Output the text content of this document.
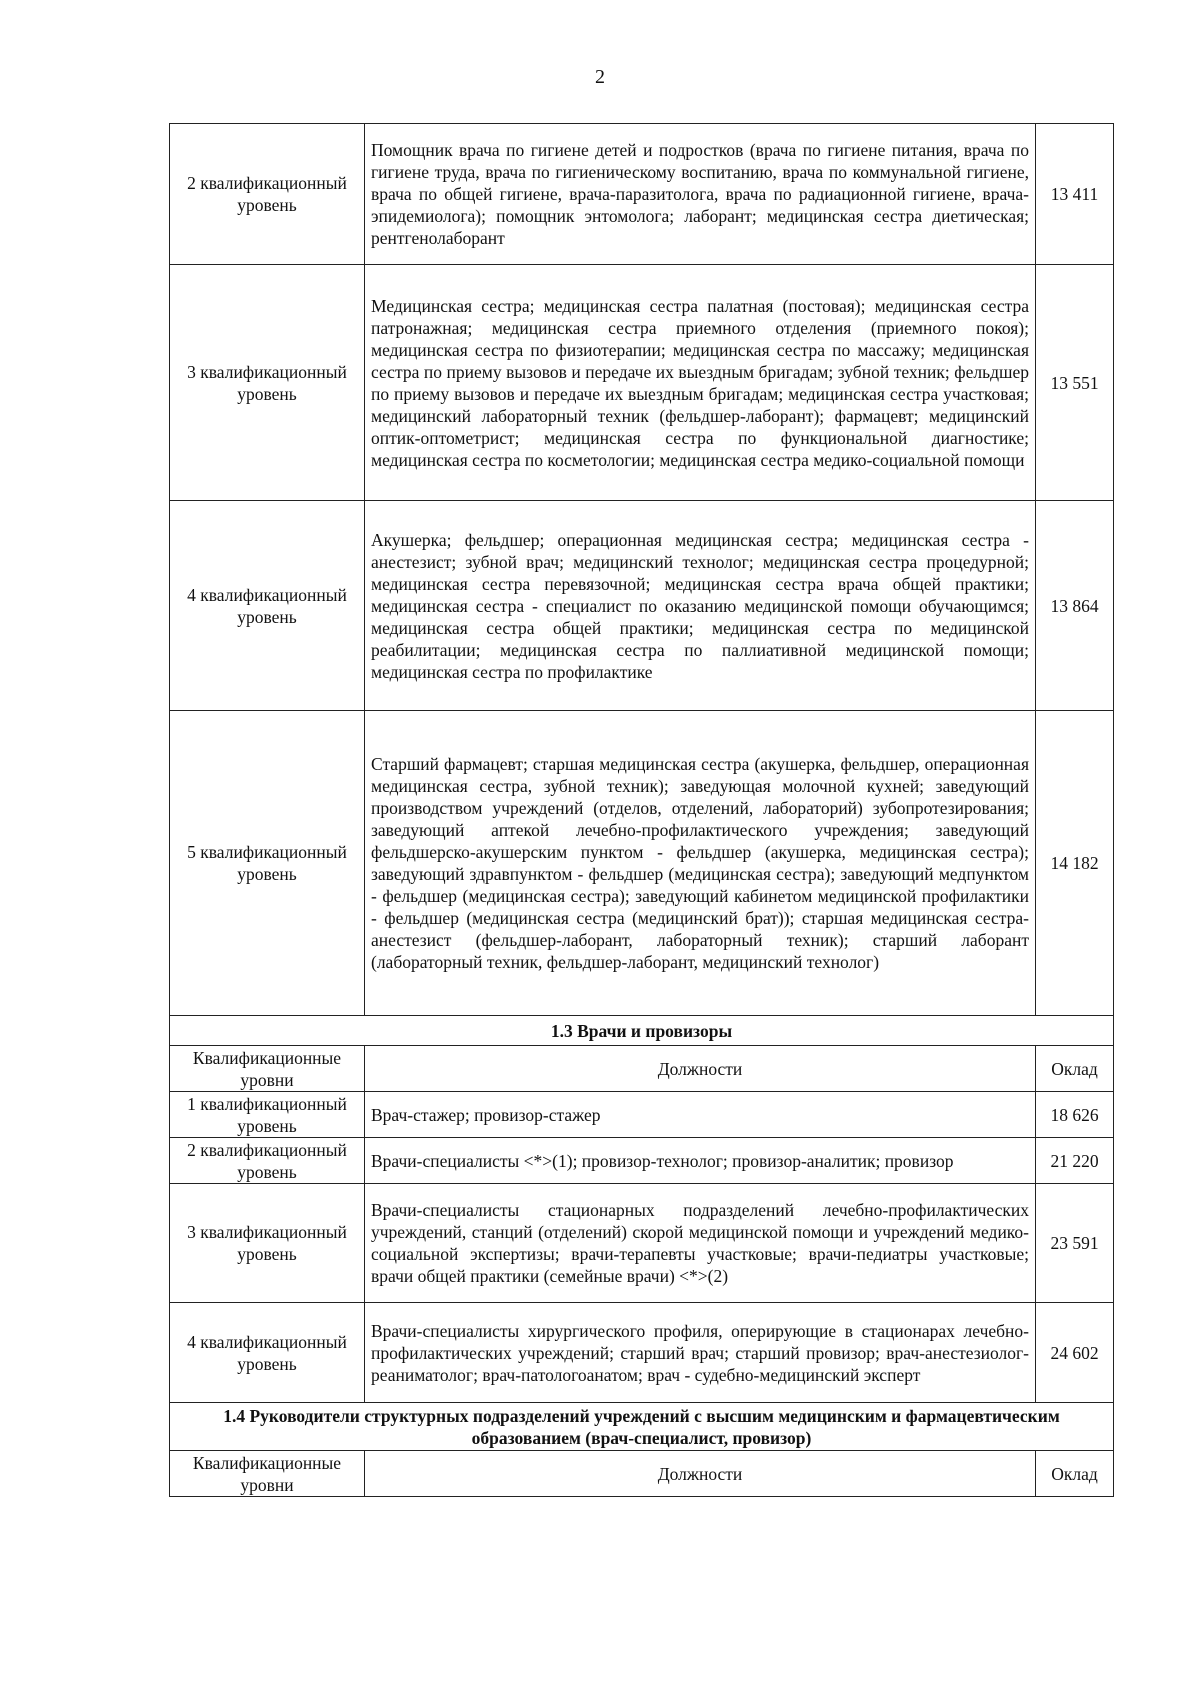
2
2 квалификационный уровень	Помощник врача по гигиене детей и подростков (врача по гигиене питания, врача по гигиене труда, врача по гигиеническому воспитанию, врача по коммунальной гигиене, врача по общей гигиене, врача-паразитолога, врача по радиационной гигиене, врача-эпидемиолога); помощник энтомолога; лаборант; медицинская сестра диетическая; рентгенолаборант	13 411
3 квалификационный уровень	Медицинская сестра; медицинская сестра палатная (постовая); медицинская сестра патронажная; медицинская сестра приемного отделения (приемного покоя); медицинская сестра по физиотерапии; медицинская сестра по массажу; медицинская сестра по приему вызовов и передаче их выездным бригадам; зубной техник; фельдшер по приему вызовов и передаче их выездным бригадам; медицинская сестра участковая; медицинский лабораторный техник (фельдшер-лаборант); фармацевт; медицинский оптик-оптометрист; медицинская сестра по функциональной диагностике; медицинская сестра по косметологии; медицинская сестра медико-социальной помощи	13 551
4 квалификационный уровень	Акушерка; фельдшер; операционная медицинская сестра; медицинская сестра - анестезист; зубной врач; медицинский технолог; медицинская сестра процедурной; медицинская сестра перевязочной; медицинская сестра врача общей практики; медицинская сестра - специалист по оказанию медицинской помощи обучающимся; медицинская сестра общей практики; медицинская сестра по медицинской реабилитации; медицинская сестра по паллиативной медицинской помощи; медицинская сестра по профилактике	13 864
5 квалификационный уровень	Старший фармацевт; старшая медицинская сестра (акушерка, фельдшер, операционная медицинская сестра, зубной техник); заведующая молочной кухней; заведующий производством учреждений (отделов, отделений, лабораторий) зубопротезирования; заведующий аптекой лечебно-профилактического учреждения; заведующий фельдшерско-акушерским пунктом - фельдшер (акушерка, медицинская сестра); заведующий здравпунктом - фельдшер (медицинская сестра); заведующий медпунктом - фельдшер (медицинская сестра); заведующий кабинетом медицинской профилактики - фельдшер (медицинская сестра (медицинский брат)); старшая медицинская сестра-анестезист (фельдшер-лаборант, лабораторный техник); старший лаборант (лабораторный техник, фельдшер-лаборант, медицинский технолог)	14 182
1.3 Врачи и провизоры		
Квалификационные уровни	Должности	Оклад
1 квалификационный уровень	Врач-стажер; провизор-стажер	18 626
2 квалификационный уровень	Врачи-специалисты <*>(1); провизор-технолог; провизор-аналитик; провизор	21 220
3 квалификационный уровень	Врачи-специалисты стационарных подразделений лечебно-профилактических учреждений, станций (отделений) скорой медицинской помощи и учреждений медико-социальной экспертизы; врачи-терапевты участковые; врачи-педиатры участковые; врачи общей практики (семейные врачи) <*>(2)	23 591
4 квалификационный уровень	Врачи-специалисты хирургического профиля, оперирующие в стационарах лечебно-профилактических учреждений; старший врач; старший провизор; врач-анестезиолог-реаниматолог; врач-патологоанатом; врач - судебно-медицинский эксперт	24 602
1.4 Руководители структурных подразделений учреждений с высшим медицинским и фармацевтическим образованием (врач-специалист, провизор)		
Квалификационные уровни	Должности	Оклад
